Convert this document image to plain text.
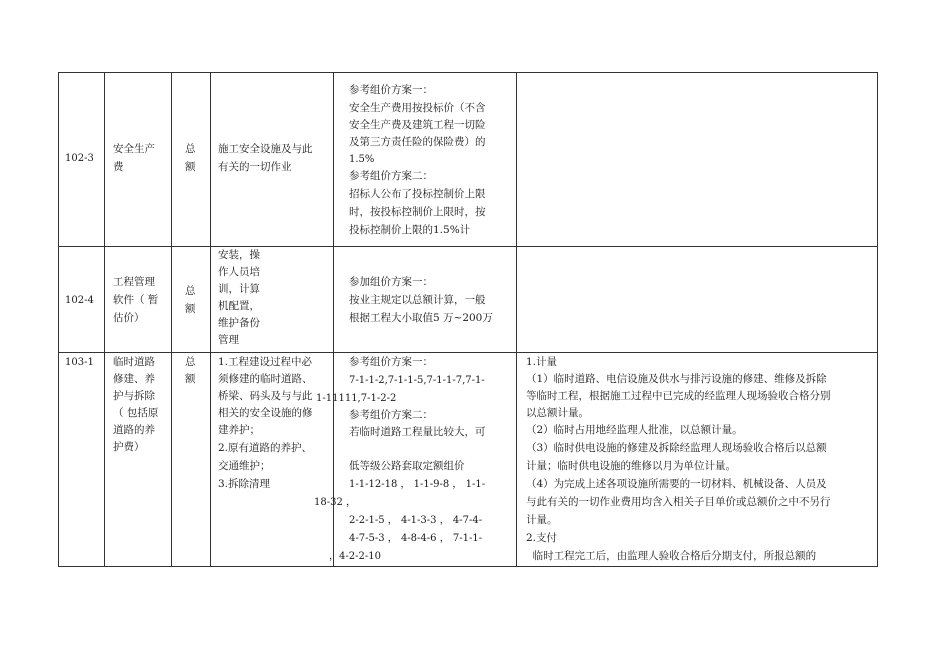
102-3
安全生产
费
总
额
施工安全设施及与此
有关的一切作业
参考组价方案一：
安全生产费用按投标价（不含
安全生产费及建筑工程一切险
及第三方责任险的保险费）的
1.5%
参考组价方案二：
招标人公布了投标控制价上限
时，按投标控制价上限时，按
投标控制价上限的1.5%计
102-4
工程管理
软件（ 暂
估价）
总
额
安装，操
作人员培
训，计算
机配置，
维护备份
管理
参加组价方案一：
按业主规定以总额计算，一般
根据工程大小取值5 万~200万
103-1 临时道路
修建、养
护与拆除
（ 包括原
道路的养
护费）
总
额
1.工程建设过程中必
须修建的临时道路、
桥梁、码头及与与此
相关的安全设施的修
建养护；
2.原有道路的养护、
交通维护；
3.拆除清理
参考组价方案一：
7-1-1-2,7-1-1-5,7-1-1-7,7-1-
1-11111,7-1-2-2
参考组价方案二：
若临时道路工程量比较大，可
低等级公路套取定额组价
1-1-12-18 ， 1-1-9-8 ， 1-1-
18-32 ，
2-2-1-5 ， 4-1-3-3 ， 4-7-4-
4-7-5-3 ， 4-8-4-6 ， 7-1-1-
，4-2-2-10
1.计量
（1）临时道路、电信设施及供水与排污设施的修建、维修及拆除
等临时工程，根据施工过程中已完成的经监理人现场验收合格分别
以总额计量。
（2）临时占用地经监理人批准，以总额计量。
（3）临时供电设施的修建及拆除经监理人现场验收合格后以总额
计量；临时供电设施的维修以月为单位计量。
（4）为完成上述各项设施所需要的一切材料、机械设备、人员及
与此有关的一切作业费用均含入相关子目单价或总额价之中不另行
计量。
2.支付
临时工程完工后，由监理人验收合格后分期支付，所报总额的
